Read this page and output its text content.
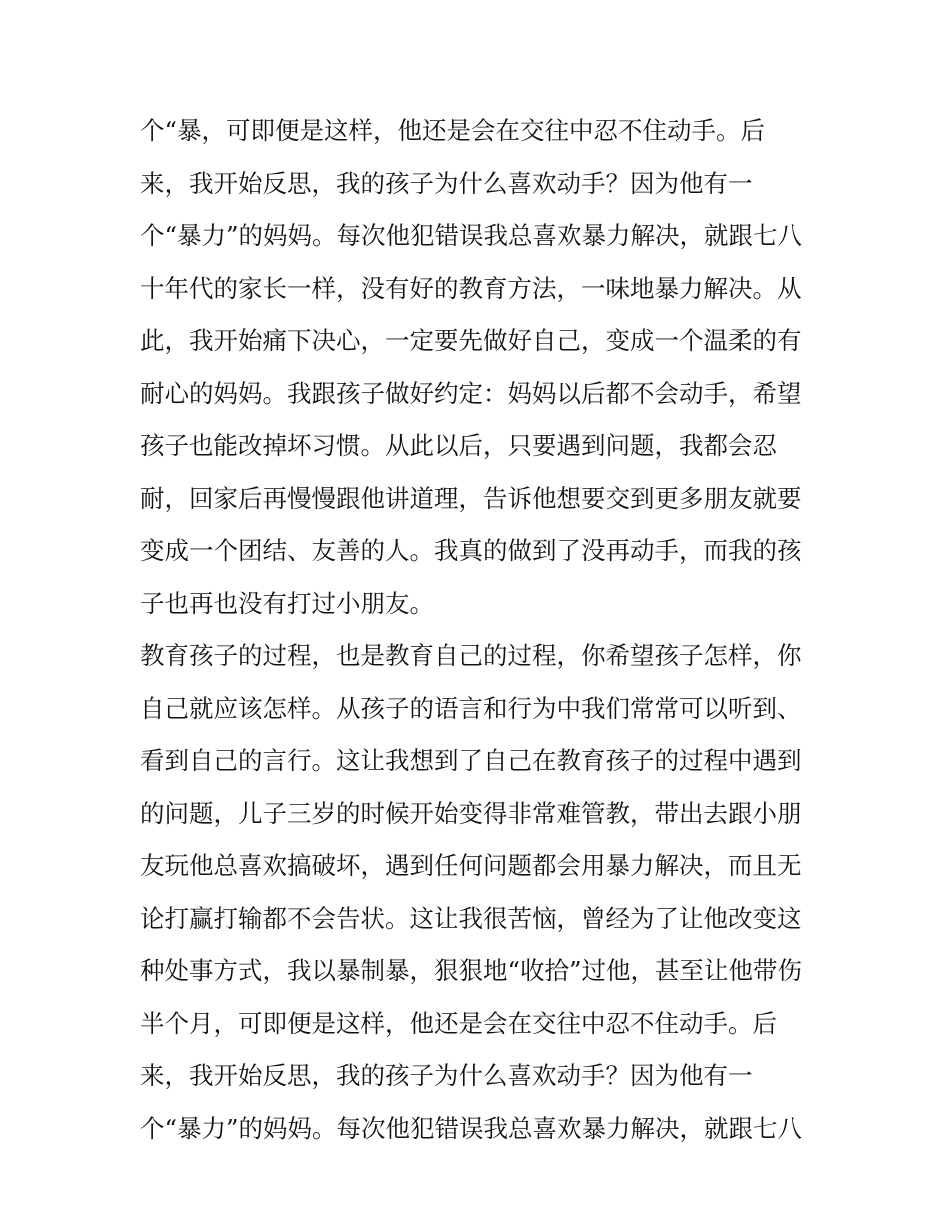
个“暴，可即便是这样，他还是会在交往中忍不住动手。后
来，我开始反思，我的孩子为什么喜欢动手？因为他有一
个“暴力”的妈妈。每次他犯错误我总喜欢暴力解决，就跟七八
十年代的家长一样，没有好的教育方法，一味地暴力解决。从
此，我开始痛下决心，一定要先做好自己，变成一个温柔的有
耐心的妈妈。我跟孩子做好约定：妈妈以后都不会动手，希望
孩子也能改掉坏习惯。从此以后，只要遇到问题，我都会忍
耐，回家后再慢慢跟他讲道理，告诉他想要交到更多朋友就要
变成一个团结、友善的人。我真的做到了没再动手，而我的孩
子也再也没有打过小朋友。
教育孩子的过程，也是教育自己的过程，你希望孩子怎样，你
自己就应该怎样。从孩子的语言和行为中我们常常可以听到、
看到自己的言行。这让我想到了自己在教育孩子的过程中遇到
的问题，儿子三岁的时候开始变得非常难管教，带出去跟小朋
友玩他总喜欢搞破坏，遇到任何问题都会用暴力解决，而且无
论打赢打输都不会告状。这让我很苦恼，曾经为了让他改变这
种处事方式，我以暴制暴，狠狠地“收拾”过他，甚至让他带伤
半个月，可即便是这样，他还是会在交往中忍不住动手。后
来，我开始反思，我的孩子为什么喜欢动手？因为他有一
个“暴力”的妈妈。每次他犯错误我总喜欢暴力解决，就跟七八
